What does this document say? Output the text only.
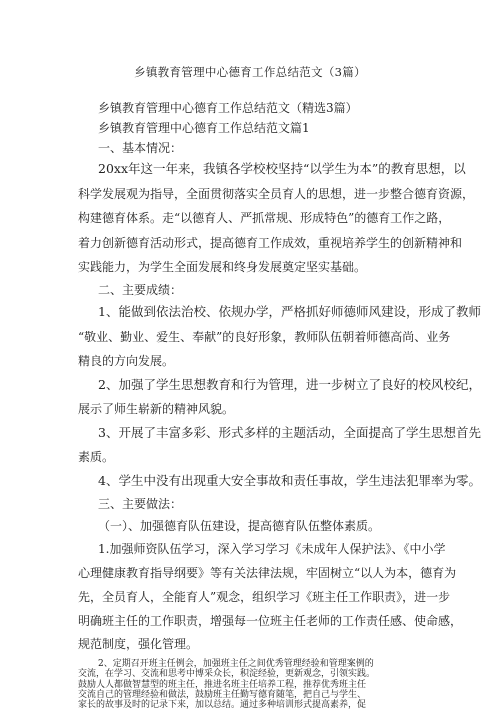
乡镇教育管理中心德育工作总结范文（3篇）
乡镇教育管理中心德育工作总结范文（精选3篇）
乡镇教育管理中心德育工作总结范文篇1
一、基本情况：
20xx年这一年来，我镇各学校校坚持“以学生为本”的教育思想，以
科学发展观为指导，全面贯彻落实全员育人的思想，进一步整合德育资源，
构建德育体系。走“以德育人、严抓常规、形成特色”的德育工作之路，
着力创新德育活动形式，提高德育工作成效，重视培养学生的创新精神和
实践能力，为学生全面发展和终身发展奠定坚实基础。
二、主要成绩：
1、能做到依法治校、依规办学，严格抓好师德师风建设，形成了教师
“敬业、勤业、爱生、奉献”的良好形象，教师队伍朝着师德高尚、业务
精良的方向发展。
2、加强了学生思想教育和行为管理，进一步树立了良好的校风校纪，
展示了师生崭新的精神风貌。
3、开展了丰富多彩、形式多样的主题活动，全面提高了学生思想首先
素质。
4、学生中没有出现重大安全事故和责任事故，学生违法犯罪率为零。
三、主要做法：
（一）、加强德育队伍建设，提高德育队伍整体素质。
1.加强师资队伍学习，深入学习学习《未成年人保护法》、《中小学
心理健康教育指导纲要》等有关法律法规，牢固树立“以人为本，德育为
先，全员育人，全能育人”观念，组织学习《班主任工作职责》，进一步
明确班主任的工作职责，增强每一位班主任老师的工作责任感、使命感，
规范制度，强化管理。
2、定期召开班主任例会，加强班主任之间优秀管理经验和管理案例的
交流，在学习、交流和思考中博采众长，积淀经验，更新观念，引领实践。
鼓励人人都做智慧型的班主任，推进名班主任培养工程，推荐优秀班主任
交流自己的管理经验和做法，鼓励班主任勤写德育随笔，把自己与学生、
家长的故事及时的记录下来，加以总结。通过多种培训形式提高素养，促
